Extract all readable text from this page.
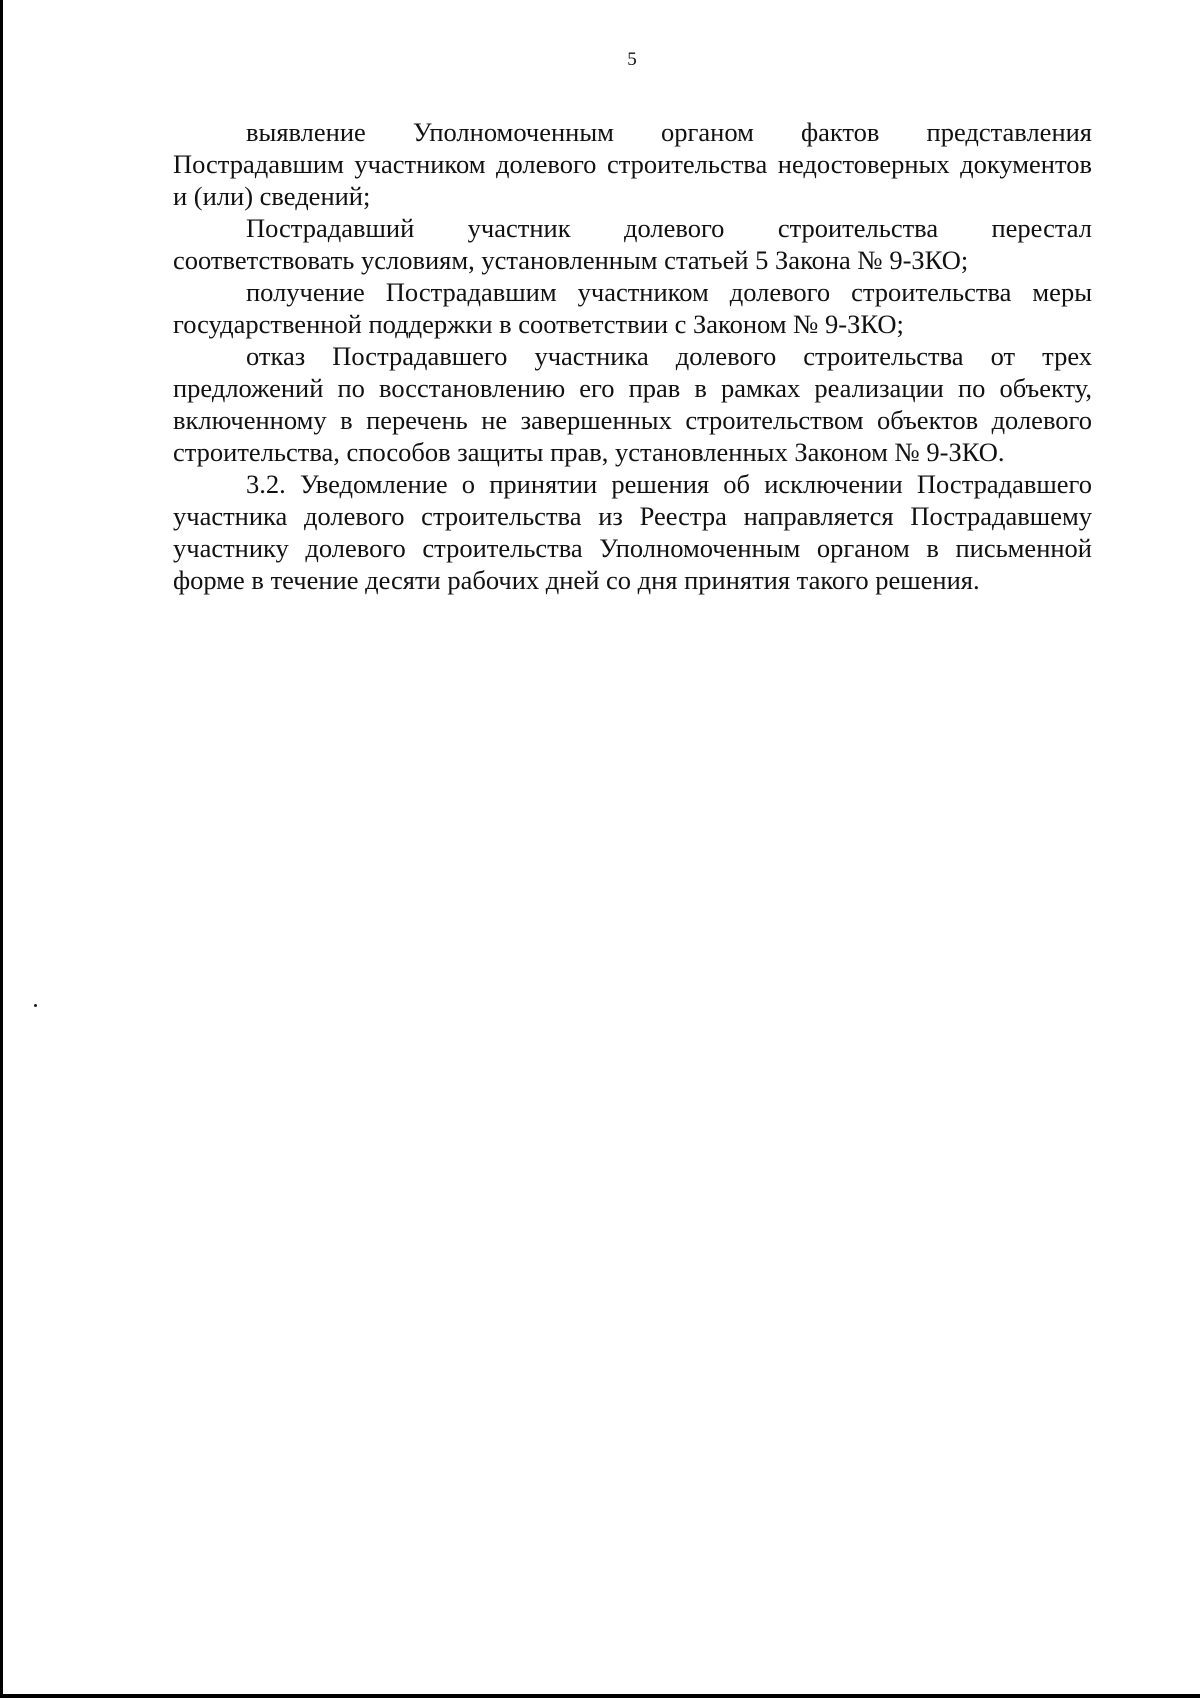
5

выявление Уполномоченным органом фактов представления Пострадавшим участником долевого строительства недостоверных документов и (или) сведений;

Пострадавший участник долевого строительства перестал соответствовать условиям, установленным статьей 5 Закона № 9-ЗКО;

получение Пострадавшим участником долевого строительства меры государственной поддержки в соответствии с Законом № 9-ЗКО;

отказ Пострадавшего участника долевого строительства от трех предложений по восстановлению его прав в рамках реализации по объекту, включенному в перечень не завершенных строительством объектов долевого строительства, способов защиты прав, установленных Законом № 9-ЗКО.

3.2. Уведомление о принятии решения об исключении Пострадавшего участника долевого строительства из Реестра направляется Пострадавшему участнику долевого строительства Уполномоченным органом в письменной форме в течение десяти рабочих дней со дня принятия такого решения.
